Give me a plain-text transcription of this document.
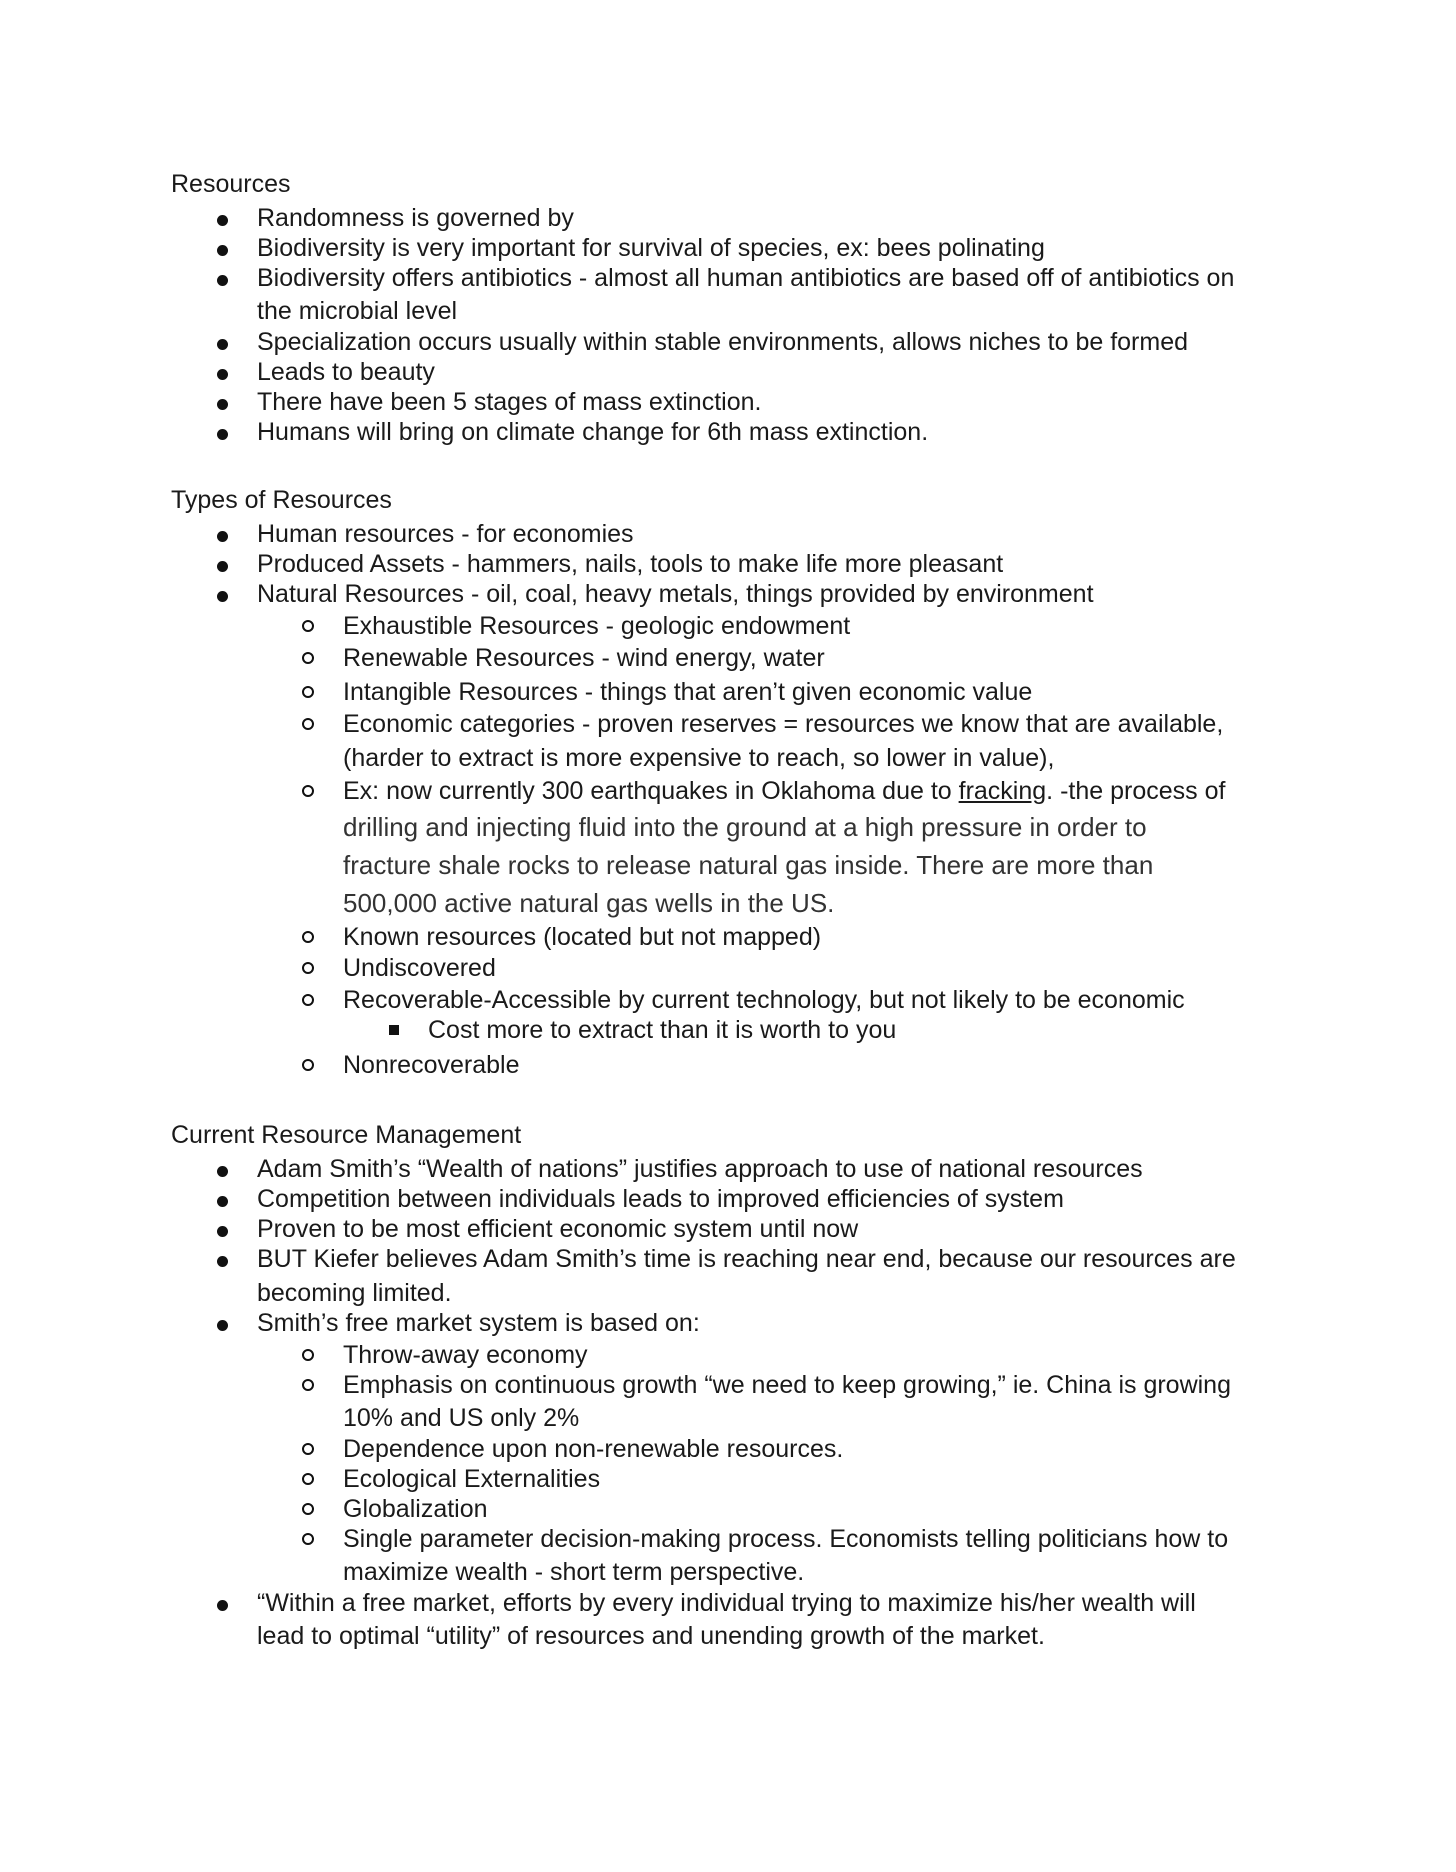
Resources
Randomness is governed by
Biodiversity is very important for survival of species, ex: bees polinating
Biodiversity offers antibiotics - almost all human antibiotics are based off of antibiotics on
the microbial level
Specialization occurs usually within stable environments, allows niches to be formed
Leads to beauty
There have been 5 stages of mass extinction.
Humans will bring on climate change for 6th mass extinction.
Types of Resources
Human resources - for economies
Produced Assets - hammers, nails, tools to make life more pleasant
Natural Resources - oil, coal, heavy metals, things provided by environment
Exhaustible Resources - geologic endowment
Renewable Resources - wind energy, water
Intangible Resources - things that aren’t given economic value
Economic categories - proven reserves = resources we know that are available,
(harder to extract is more expensive to reach, so lower in value),
Ex: now currently 300 earthquakes in Oklahoma due to fracking. -the process of
drilling and injecting fluid into the ground at a high pressure in order to
fracture shale rocks to release natural gas inside. There are more than
500,000 active natural gas wells in the US.
Known resources (located but not mapped)
Undiscovered
Recoverable-Accessible by current technology, but not likely to be economic
Cost more to extract than it is worth to you
Nonrecoverable
Current Resource Management
Adam Smith’s “Wealth of nations” justifies approach to use of national resources
Competition between individuals leads to improved efficiencies of system
Proven to be most efficient economic system until now
BUT Kiefer believes Adam Smith’s time is reaching near end, because our resources are
becoming limited.
Smith’s free market system is based on:
Throw-away economy
Emphasis on continuous growth “we need to keep growing,” ie. China is growing
10% and US only 2%
Dependence upon non-renewable resources.
Ecological Externalities
Globalization
Single parameter decision-making process. Economists telling politicians how to
maximize wealth - short term perspective.
“Within a free market, efforts by every individual trying to maximize his/her wealth will
lead to optimal “utility” of resources and unending growth of the market.
